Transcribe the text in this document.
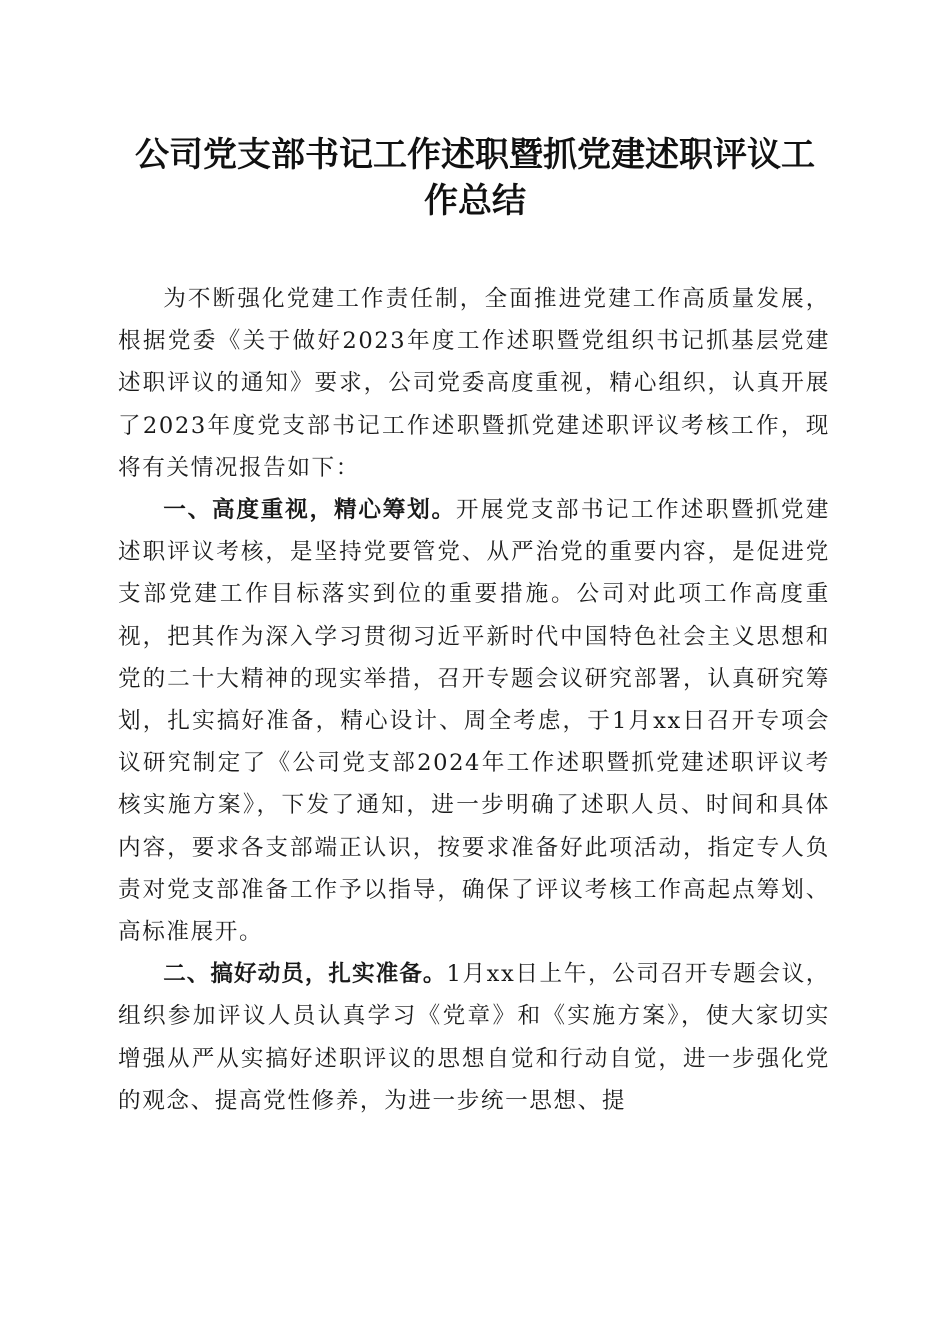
公司党支部书记工作述职暨抓党建述职评议工
作总结

为不断强化党建工作责任制，全面推进党建工作高质量发展，根据党委《关于做好2023年度工作述职暨党组织书记抓基层党建述职评议的通知》要求，公司党委高度重视，精心组织，认真开展了2023年度党支部书记工作述职暨抓党建述职评议考核工作，现将有关情况报告如下：

一、高度重视，精心筹划。开展党支部书记工作述职暨抓党建述职评议考核，是坚持党要管党、从严治党的重要内容，是促进党支部党建工作目标落实到位的重要措施。公司对此项工作高度重视，把其作为深入学习贯彻习近平新时代中国特色社会主义思想和党的二十大精神的现实举措，召开专题会议研究部署，认真研究筹划，扎实搞好准备，精心设计、周全考虑，于1月xx日召开专项会议研究制定了《公司党支部2024年工作述职暨抓党建述职评议考核实施方案》，下发了通知，进一步明确了述职人员、时间和具体内容，要求各支部端正认识，按要求准备好此项活动，指定专人负责对党支部准备工作予以指导，确保了评议考核工作高起点筹划、高标准展开。

二、搞好动员，扎实准备。1月xx日上午，公司召开专题会议，组织参加评议人员认真学习《党章》和《实施方案》，使大家切实增强从严从实搞好述职评议的思想自觉和行动自觉，进一步强化党的观念、提高党性修养，为进一步统一思想、提
